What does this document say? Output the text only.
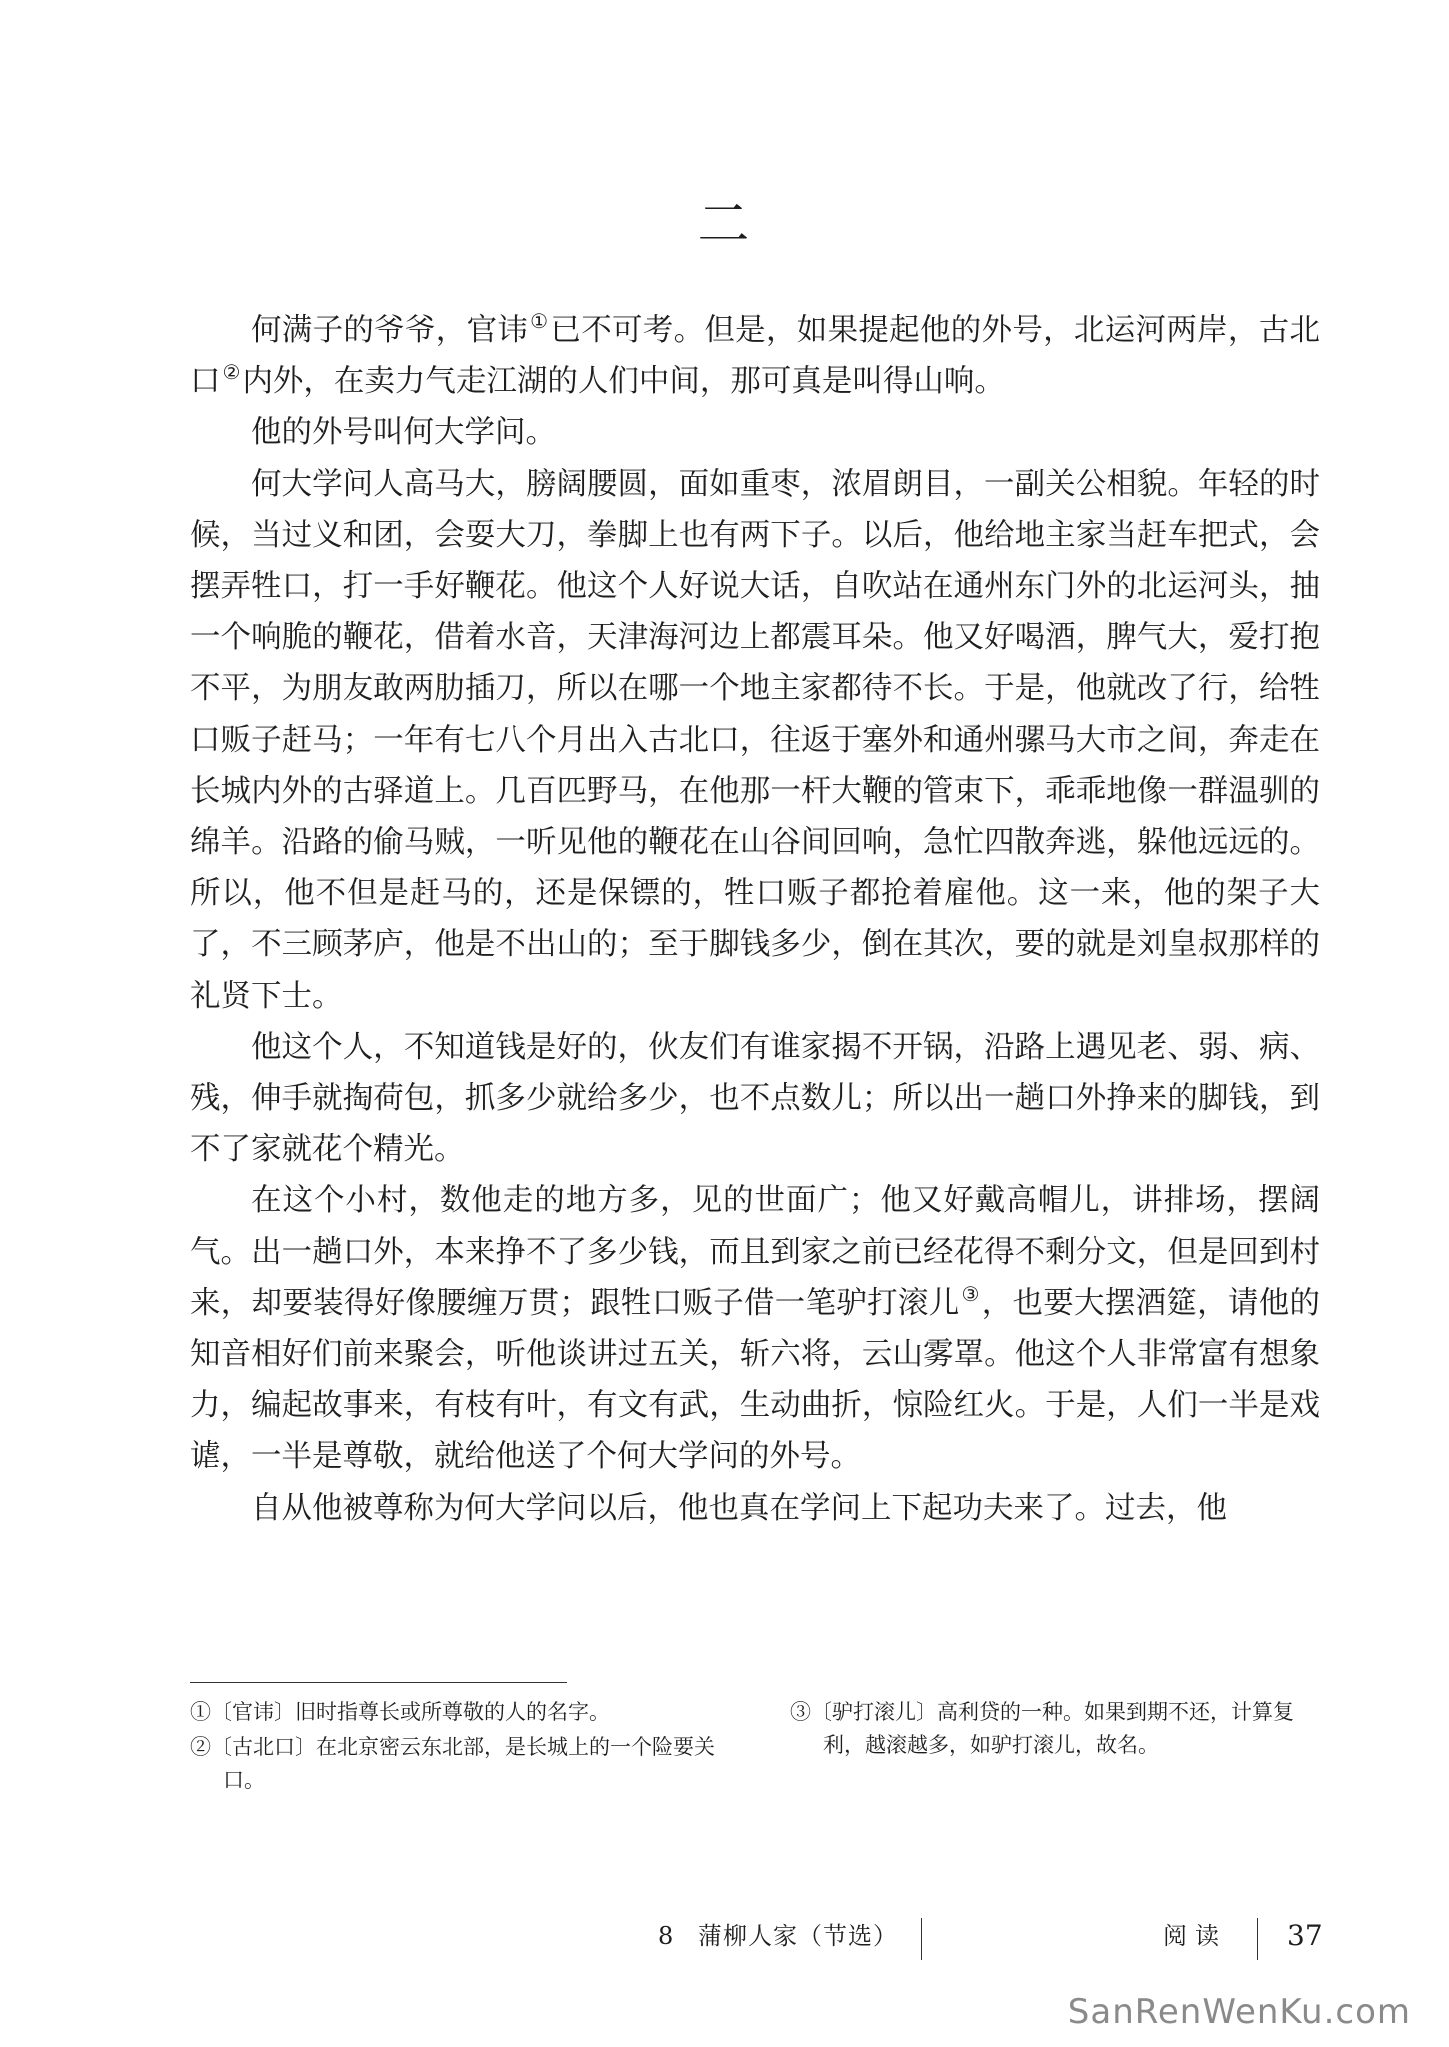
二

何满子的爷爷，官讳 ①已不可考。但是，如果提起他的外号，北运河两岸，古北口 ②内外，在卖力气走江湖的人们中间，那可真是叫得山响。

他的外号叫何大学问。

何大学问人高马大，膀阔腰圆，面如重枣，浓眉朗目，一副关公相貌。年轻的时候，当过义和团，会耍大刀，拳脚上也有两下子。以后，他给地主家当赶车把式，会摆弄牲口，打一手好鞭花。他这个人好说大话，自吹站在通州东门外的北运河头，抽一个响脆的鞭花，借着水音，天津海河边上都震耳朵。他又好喝酒，脾气大，爱打抱不平，为朋友敢两肋插刀，所以在哪一个地主家都待不长。于是，他就改了行，给牲口贩子赶马；一年有七八个月出入古北口，往返于塞外和通州骡马大市之间，奔走在长城内外的古驿道上。几百匹野马，在他那一杆大鞭的管束下，乖乖地像一群温驯的绵羊。沿路的偷马贼，一听见他的鞭花在山谷间回响，急忙四散奔逃，躲他远远的。所以，他不但是赶马的，还是保镖的，牲口贩子都抢着雇他。这一来，他的架子大了，不三顾茅庐，他是不出山的；至于脚钱多少，倒在其次，要的就是刘皇叔那样的礼贤下士。

他这个人，不知道钱是好的，伙友们有谁家揭不开锅，沿路上遇见老、弱、病、残，伸手就掏荷包，抓多少就给多少，也不点数儿；所以出一趟口外挣来的脚钱，到不了家就花个精光。

在这个小村，数他走的地方多，见的世面广；他又好戴高帽儿，讲排场，摆阔气。出一趟口外，本来挣不了多少钱，而且到家之前已经花得不剩分文，但是回到村来，却要装得好像腰缠万贯；跟牲口贩子借一笔驴打滚儿 ③，也要大摆酒筵，请他的知音相好们前来聚会，听他谈讲过五关，斩六将，云山雾罩。他这个人非常富有想象力，编起故事来，有枝有叶，有文有武，生动曲折，惊险红火。于是，人们一半是戏谑，一半是尊敬，就给他送了个何大学问的外号。

自从他被尊称为何大学问以后，他也真在学问上下起功夫来了。过去，他

①〔官讳〕旧时指尊长或所尊敬的人的名字。

②〔古北口〕在北京密云东北部，是长城上的一个险要关口。

③〔驴打滚儿〕高利贷的一种。如果到期不还，计算复利，越滚越多，如驴打滚儿，故名。

8 蒲柳人家（节选）	阅读 37
SanRenWenKu.com
